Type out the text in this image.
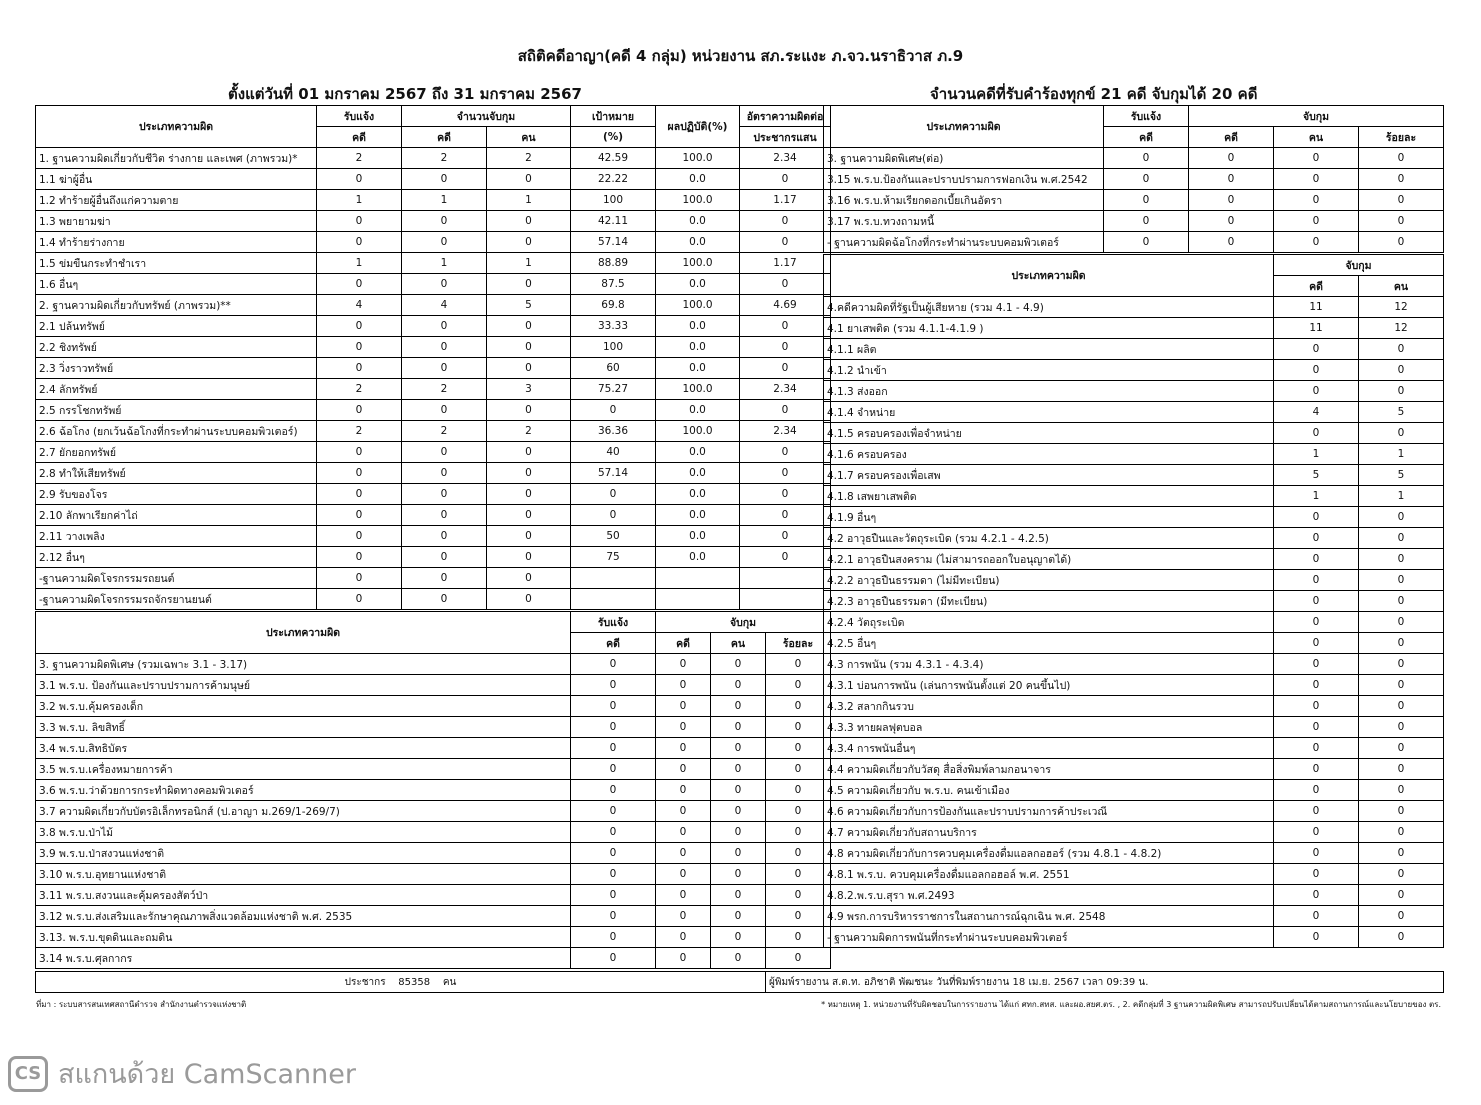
สถิติคดีอาญา(คดี 4 กลุ่ม) หน่วยงาน สภ.ระแงะ ภ.จว.นราธิวาส ภ.9
ตั้งแต่วันที่ 01 มกราคม 2567 ถึง 31 มกราคม 2567	จำนวนคดีที่รับคำร้องทุกข์ 21 คดี จับกุมได้ 20 คดี
ประเภทความผิด	รับแจ้ง	จำนวนจับกุม		เป้าหมาย	ผลปฏิบัติ(%)	อัตราความผิดต่อ
	คดี	คดี	คน	(%)		ประชากรแสน
1. ฐานความผิดเกี่ยวกับชีวิต ร่างกาย และเพศ (ภาพรวม)*	2	2	2	42.59	100.0	2.34
1.1 ฆ่าผู้อื่น	0	0	0	22.22	0.0	0
1.2 ทำร้ายผู้อื่นถึงแก่ความตาย	1	1	1	100	100.0	1.17
1.3 พยายามฆ่า	0	0	0	42.11	0.0	0
1.4 ทำร้ายร่างกาย	0	0	0	57.14	0.0	0
1.5 ข่มขืนกระทำชำเรา	1	1	1	88.89	100.0	1.17
1.6 อื่นๆ	0	0	0	87.5	0.0	0
2. ฐานความผิดเกี่ยวกับทรัพย์ (ภาพรวม)**	4	4	5	69.8	100.0	4.69
2.1 ปล้นทรัพย์	0	0	0	33.33	0.0	0
2.2 ชิงทรัพย์	0	0	0	100	0.0	0
2.3 วิ่งราวทรัพย์	0	0	0	60	0.0	0
2.4 ลักทรัพย์	2	2	3	75.27	100.0	2.34
2.5 กรรโชกทรัพย์	0	0	0	0	0.0	0
2.6 ฉ้อโกง (ยกเว้นฉ้อโกงที่กระทำผ่านระบบคอมพิวเตอร์)	2	2	2	36.36	100.0	2.34
2.7 ยักยอกทรัพย์	0	0	0	40	0.0	0
2.8 ทำให้เสียทรัพย์	0	0	0	57.14	0.0	0
2.9 รับของโจร	0	0	0	0	0.0	0
2.10 ลักพาเรียกค่าไถ่	0	0	0	0	0.0	0
2.11 วางเพลิง	0	0	0	50	0.0	0
2.12 อื่นๆ	0	0	0	75	0.0	0
-ฐานความผิดโจรกรรมรถยนต์	0	0	0			
-ฐานความผิดโจรกรรมรถจักรยานยนต์	0	0	0			
ประเภทความผิด	รับแจ้ง	จับกุม		
	คดี	คดี	คน	ร้อยละ
3. ฐานความผิดพิเศษ (รวมเฉพาะ 3.1 - 3.17)	0	0	0	0
3.1 พ.ร.บ. ป้องกันและปราบปรามการค้ามนุษย์	0	0	0	0
3.2 พ.ร.บ.คุ้มครองเด็ก	0	0	0	0
3.3 พ.ร.บ. ลิขสิทธิ์	0	0	0	0
3.4 พ.ร.บ.สิทธิบัตร	0	0	0	0
3.5 พ.ร.บ.เครื่องหมายการค้า	0	0	0	0
3.6 พ.ร.บ.ว่าด้วยการกระทำผิดทางคอมพิวเตอร์	0	0	0	0
3.7 ความผิดเกี่ยวกับบัตรอิเล็กทรอนิกส์ (ป.อาญา ม.269/1-269/7)	0	0	0	0
3.8 พ.ร.บ.ป่าไม้	0	0	0	0
3.9 พ.ร.บ.ป่าสงวนแห่งชาติ	0	0	0	0
3.10 พ.ร.บ.อุทยานแห่งชาติ	0	0	0	0
3.11 พ.ร.บ.สงวนและคุ้มครองสัตว์ป่า	0	0	0	0
3.12 พ.ร.บ.ส่งเสริมและรักษาคุณภาพสิ่งแวดล้อมแห่งชาติ พ.ศ. 2535	0	0	0	0
3.13. พ.ร.บ.ขุดดินและถมดิน	0	0	0	0
3.14 พ.ร.บ.ศุลกากร	0	0	0	0
ประเภทความผิด	รับแจ้ง	จับกุม		
	คดี	คดี	คน	ร้อยละ
3. ฐานความผิดพิเศษ(ต่อ)	0	0	0	0
3.15 พ.ร.บ.ป้องกันและปราบปรามการฟอกเงิน พ.ศ.2542	0	0	0	0
3.16 พ.ร.บ.ห้ามเรียกดอกเบี้ยเกินอัตรา	0	0	0	0
3.17 พ.ร.บ.ทวงถามหนี้	0	0	0	0
- ฐานความผิดฉ้อโกงที่กระทำผ่านระบบคอมพิวเตอร์	0	0	0	0
ประเภทความผิด	จับกุม	
	คดี	คน
4.คดีความผิดที่รัฐเป็นผู้เสียหาย (รวม 4.1 - 4.9)	11	12
4.1 ยาเสพติด (รวม 4.1.1-4.1.9 )	11	12
4.1.1 ผลิต	0	0
4.1.2 นำเข้า	0	0
4.1.3 ส่งออก	0	0
4.1.4 จำหน่าย	4	5
4.1.5 ครอบครองเพื่อจำหน่าย	0	0
4.1.6 ครอบครอง	1	1
4.1.7 ครอบครองเพื่อเสพ	5	5
4.1.8 เสพยาเสพติด	1	1
4.1.9 อื่นๆ	0	0
4.2 อาวุธปืนและวัตถุระเบิด (รวม 4.2.1 - 4.2.5)	0	0
4.2.1 อาวุธปืนสงคราม (ไม่สามารถออกใบอนุญาตได้)	0	0
4.2.2 อาวุธปืนธรรมดา (ไม่มีทะเบียน)	0	0
4.2.3 อาวุธปืนธรรมดา (มีทะเบียน)	0	0
4.2.4 วัตถุระเบิด	0	0
4.2.5 อื่นๆ	0	0
4.3 การพนัน (รวม 4.3.1 - 4.3.4)	0	0
4.3.1 บ่อนการพนัน (เล่นการพนันตั้งแต่ 20 คนขึ้นไป)	0	0
4.3.2 สลากกินรวบ	0	0
4.3.3 ทายผลฟุตบอล	0	0
4.3.4 การพนันอื่นๆ	0	0
4.4 ความผิดเกี่ยวกับวัสดุ สื่อสิ่งพิมพ์ลามกอนาจาร	0	0
4.5 ความผิดเกี่ยวกับ พ.ร.บ. คนเข้าเมือง	0	0
4.6 ความผิดเกี่ยวกับการป้องกันและปราบปรามการค้าประเวณี	0	0
4.7 ความผิดเกี่ยวกับสถานบริการ	0	0
4.8 ความผิดเกี่ยวกับการควบคุมเครื่องดื่มแอลกอฮอร์ (รวม 4.8.1 - 4.8.2)	0	0
4.8.1 พ.ร.บ. ควบคุมเครื่องดื่มแอลกอฮอล์ พ.ศ. 2551	0	0
4.8.2.พ.ร.บ.สุรา พ.ศ.2493	0	0
4.9 พรก.การบริหารราชการในสถานการณ์ฉุกเฉิน พ.ศ. 2548	0	0
- ฐานความผิดการพนันที่กระทำผ่านระบบคอมพิวเตอร์	0	0
ประชากร 85358 คน	ผู้พิมพ์รายงาน ส.ต.ท. อภิชาติ พัฒชนะ วันที่พิมพ์รายงาน 18 เม.ย. 2567 เวลา 09:39 น.
ที่มา : ระบบสารสนเทศสถานีตำรวจ สำนักงานตำรวจแห่งชาติ	* หมายเหตุ 1. หน่วยงานที่รับผิดชอบในการรายงาน ได้แก่ ศทก.สทส. และผอ.สยศ.ตร. , 2. คดีกลุ่มที่ 3 ฐานความผิดพิเศษ สามารถปรับเปลี่ยนได้ตามสถานการณ์และนโยบายของ ตร.
CS สแกนด้วย CamScanner
